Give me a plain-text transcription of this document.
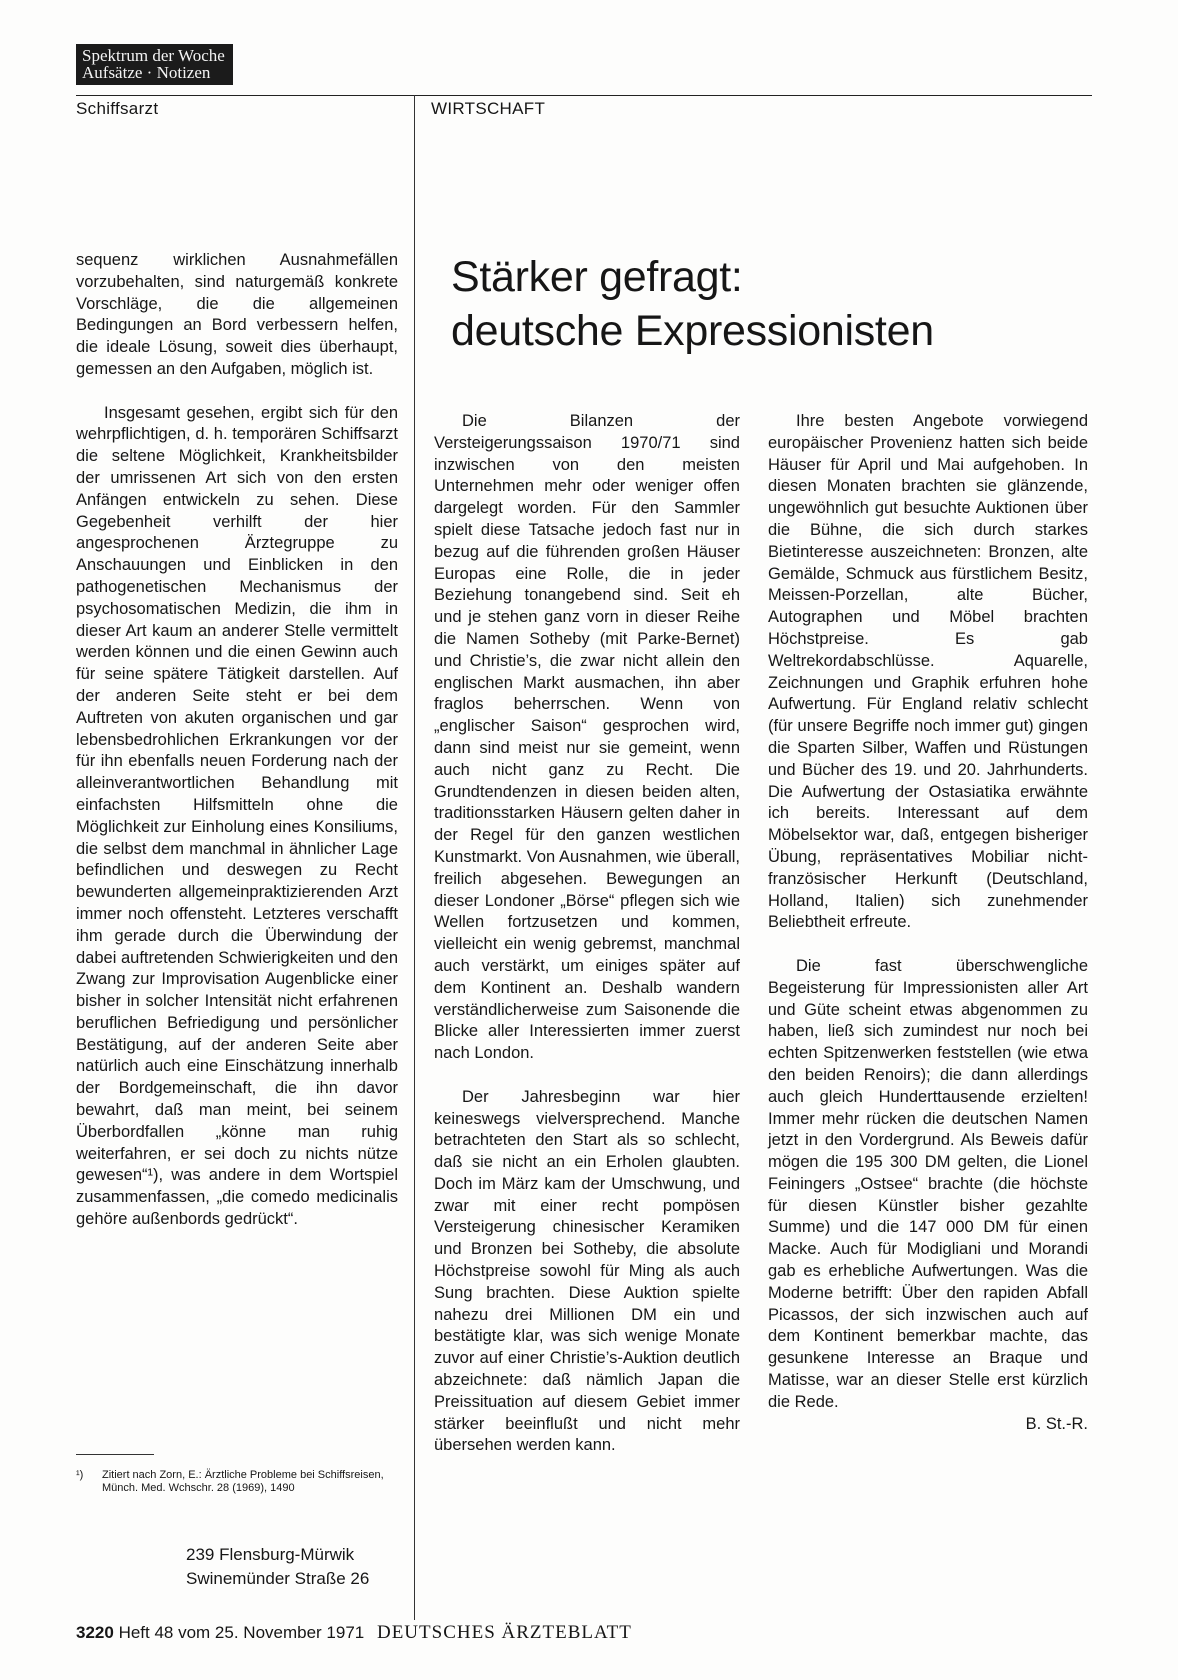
Spektrum der Woche
Aufsätze · Notizen
Schiffsarzt	WIRTSCHAFT
Stärker gefragt:
deutsche Expressionisten

sequenz wirklichen Ausnahmefällen vorzubehalten, sind naturgemäß konkrete Vorschläge, die die allgemeinen Bedingungen an Bord verbessern helfen, die ideale Lösung, soweit dies überhaupt, gemessen an den Aufgaben, möglich ist.

Insgesamt gesehen, ergibt sich für den wehrpflichtigen, d. h. temporären Schiffsarzt die seltene Möglichkeit, Krankheitsbilder der umrissenen Art sich von den ersten Anfängen entwickeln zu sehen. Diese Gegebenheit verhilft der hier angesprochenen Ärztegruppe zu Anschauungen und Einblicken in den pathogenetischen Mechanismus der psychosomatischen Medizin, die ihm in dieser Art kaum an anderer Stelle vermittelt werden können und die einen Gewinn auch für seine spätere Tätigkeit darstellen. Auf der anderen Seite steht er bei dem Auftreten von akuten organischen und gar lebensbedrohlichen Erkrankungen vor der für ihn ebenfalls neuen Forderung nach der alleinverantwortlichen Behandlung mit einfachsten Hilfsmitteln ohne die Möglichkeit zur Einholung eines Konsiliums, die selbst dem manchmal in ähnlicher Lage befindlichen und deswegen zu Recht bewunderten allgemeinpraktizierenden Arzt immer noch offensteht. Letzteres verschafft ihm gerade durch die Überwindung der dabei auftretenden Schwierigkeiten und den Zwang zur Improvisation Augenblicke einer bisher in solcher Intensität nicht erfahrenen beruflichen Befriedigung und persönlicher Bestätigung, auf der anderen Seite aber natürlich auch eine Einschätzung innerhalb der Bordgemeinschaft, die ihn davor bewahrt, daß man meint, bei seinem Überbordfallen „könne man ruhig weiterfahren, er sei doch zu nichts nütze gewesen“¹), was andere in dem Wortspiel zusammenfassen, „die comedo medicinalis gehöre außenbords gedrückt“.

¹) Zitiert nach Zorn, E.: Ärztliche Probleme bei Schiffsreisen, Münch. Med. Wchschr. 28 (1969), 1490
239 Flensburg-Mürwik
Swinemünder Straße 26

Die Bilanzen der Versteigerungssaison 1970/71 sind inzwischen von den meisten Unternehmen mehr oder weniger offen dargelegt worden. Für den Sammler spielt diese Tatsache jedoch fast nur in bezug auf die führenden großen Häuser Europas eine Rolle, die in jeder Beziehung tonangebend sind. Seit eh und je stehen ganz vorn in dieser Reihe die Namen Sotheby (mit Parke-Bernet) und Christie’s, die zwar nicht allein den englischen Markt ausmachen, ihn aber fraglos beherrschen. Wenn von „englischer Saison“ gesprochen wird, dann sind meist nur sie gemeint, wenn auch nicht ganz zu Recht. Die Grundtendenzen in diesen beiden alten, traditionsstarken Häusern gelten daher in der Regel für den ganzen westlichen Kunstmarkt. Von Ausnahmen, wie überall, freilich abgesehen. Bewegungen an dieser Londoner „Börse“ pflegen sich wie Wellen fortzusetzen und kommen, vielleicht ein wenig gebremst, manchmal auch verstärkt, um einiges später auf dem Kontinent an. Deshalb wandern verständlicherweise zum Saisonende die Blicke aller Interessierten immer zuerst nach London.

Der Jahresbeginn war hier keineswegs vielversprechend. Manche betrachteten den Start als so schlecht, daß sie nicht an ein Erholen glaubten. Doch im März kam der Umschwung, und zwar mit einer recht pompösen Versteigerung chinesischer Keramiken und Bronzen bei Sotheby, die absolute Höchstpreise sowohl für Ming als auch Sung brachten. Diese Auktion spielte nahezu drei Millionen DM ein und bestätigte klar, was sich wenige Monate zuvor auf einer Christie’s-Auktion deutlich abzeichnete: daß nämlich Japan die Preissituation auf diesem Gebiet immer stärker beeinflußt und nicht mehr übersehen werden kann.

Ihre besten Angebote vorwiegend europäischer Provenienz hatten sich beide Häuser für April und Mai aufgehoben. In diesen Monaten brachten sie glänzende, ungewöhnlich gut besuchte Auktionen über die Bühne, die sich durch starkes Bietinteresse auszeichneten: Bronzen, alte Gemälde, Schmuck aus fürstlichem Besitz, Meissen-Porzellan, alte Bücher, Autographen und Möbel brachten Höchstpreise. Es gab Weltrekordabschlüsse. Aquarelle, Zeichnungen und Graphik erfuhren hohe Aufwertung. Für England relativ schlecht (für unsere Begriffe noch immer gut) gingen die Sparten Silber, Waffen und Rüstungen und Bücher des 19. und 20. Jahrhunderts. Die Aufwertung der Ostasiatika erwähnte ich bereits. Interessant auf dem Möbelsektor war, daß, entgegen bisheriger Übung, repräsentatives Mobiliar nicht-französischer Herkunft (Deutschland, Holland, Italien) sich zunehmender Beliebtheit erfreute.

Die fast überschwengliche Begeisterung für Impressionisten aller Art und Güte scheint etwas abgenommen zu haben, ließ sich zumindest nur noch bei echten Spitzenwerken feststellen (wie etwa den beiden Renoirs); die dann allerdings auch gleich Hunderttausende erzielten! Immer mehr rücken die deutschen Namen jetzt in den Vordergrund. Als Beweis dafür mögen die 195 300 DM gelten, die Lionel Feiningers „Ostsee“ brachte (die höchste für diesen Künstler bisher gezahlte Summe) und die 147 000 DM für einen Macke. Auch für Modigliani und Morandi gab es erhebliche Aufwertungen. Was die Moderne betrifft: Über den rapiden Abfall Picassos, der sich inzwischen auch auf dem Kontinent bemerkbar machte, das gesunkene Interesse an Braque und Matisse, war an dieser Stelle erst kürzlich die Rede.

B. St.-R.
3220 Heft 48 vom 25. November 1971 DEUTSCHES ÄRZTEBLATT
